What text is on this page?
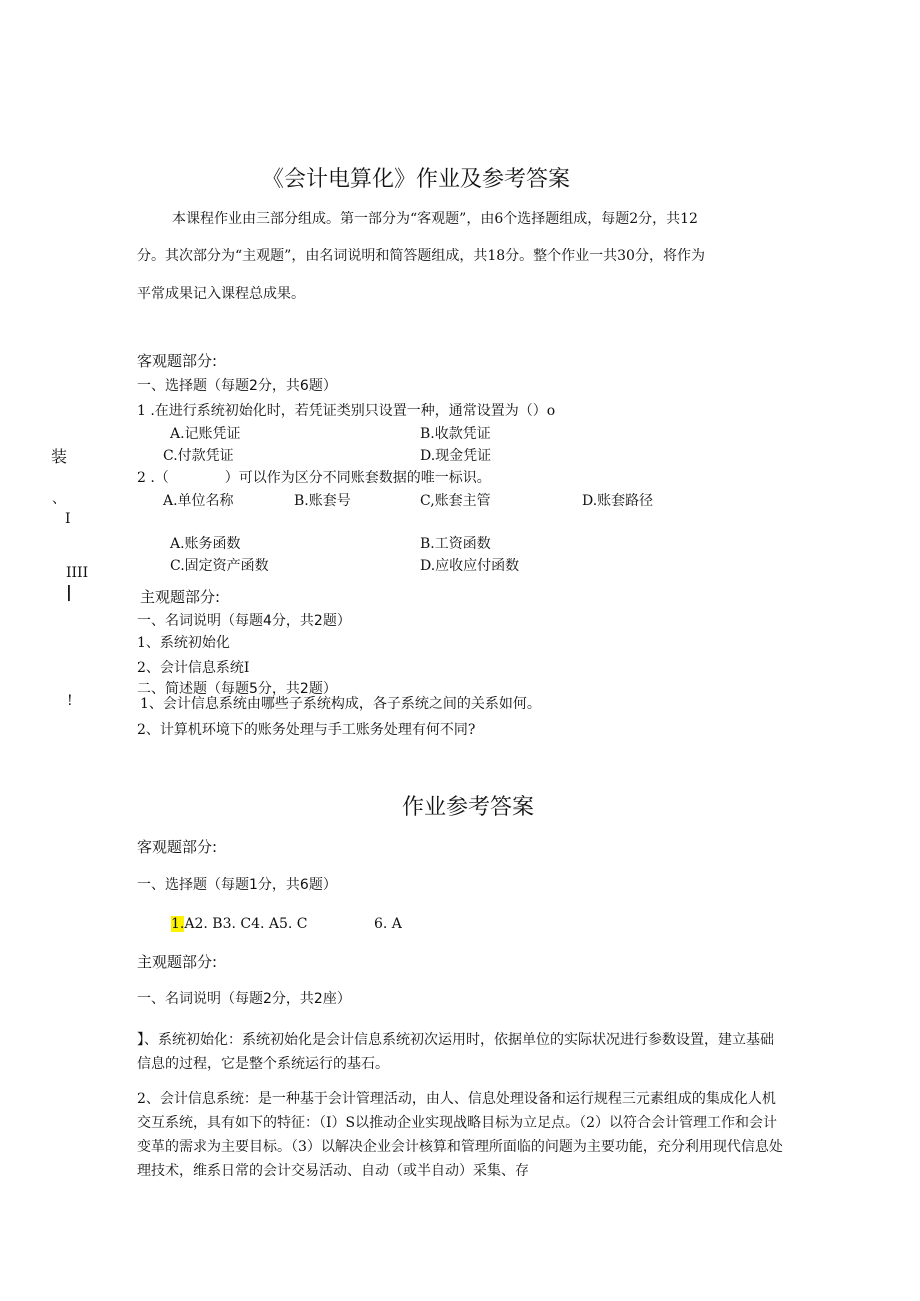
《会计电算化》作业及参考答案
本课程作业由三部分组成。第一部分为“客观题”，由6个选择题组成，每题2分，共12
分。其次部分为“主观题”，由名词说明和简答题组成，共18分。整个作业一共30分，将作为
平常成果记入课程总成果。
客观题部分:
一、选择题（每题2分，共6题）
1 .在进行系统初始化时，若凭证类别只设置一种，通常设置为（）o
A.记账凭证	B.收款凭证
C.付款凭证	D.现金凭证
2 .（　　　　）可以作为区分不同账套数据的唯一标识。
A.单位名称	B.账套号	C,账套主管	D.账套路径
A.账务函数	B.工资函数
C.固定资产函数	D.应收应付函数
装
、
I
IIII
|
!
主观题部分:
一、名词说明（每题4分，共2题）
1、系统初始化
2、会计信息系统I
二、简述题（每题5分，共2题）
1、会计信息系统由哪些子系统构成，各子系统之间的关系如何。
2、计算机环境下的账务处理与手工账务处理有何不同?
作业参考答案
客观题部分:
一、选择题（每题1分，共6题）
1.A2. B3. C4. A5. C	6. A
主观题部分:
一、名词说明（每题2分，共2座）
】、系统初始化：系统初始化是会计信息系统初次运用时，依据单位的实际状况进行参数设置，建立基础信息的过程，它是整个系统运行的基石。
2、会计信息系统：是一种基于会计管理活动，由人、信息处理设备和运行规程三元素组成的集成化人机交互系统，具有如下的特征：（I）S以推动企业实现战略目标为立足点。（2）以符合会计管理工作和会计变革的需求为主要目标。（3）以解决企业会计核算和管理所面临的问题为主要功能，充分利用现代信息处理技术，维系日常的会计交易活动、自动（或半自动）采集、存
